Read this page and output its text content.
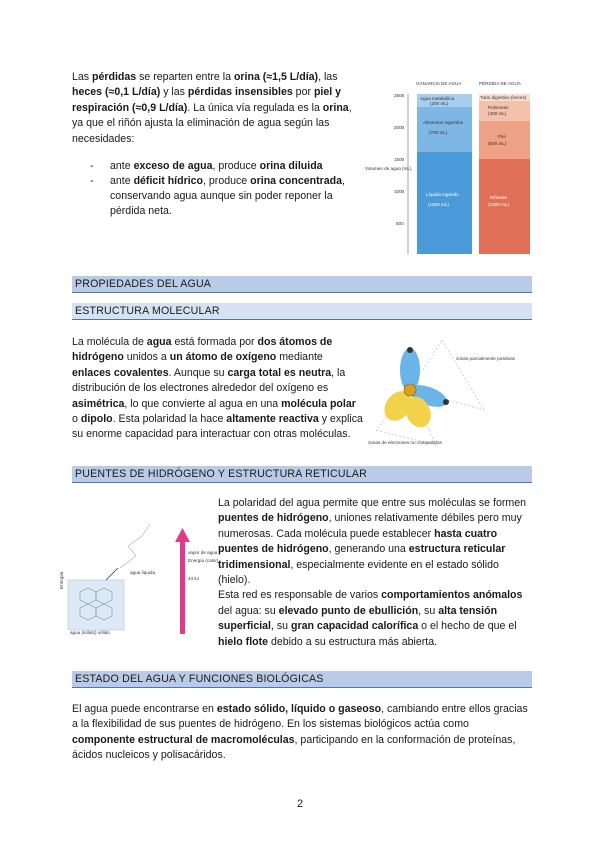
Las pérdidas se reparten entre la orina (≈1,5 L/día), las heces (≈0,1 L/día) y las pérdidas insensibles por piel y respiración (≈0,9 L/día). La única vía regulada es la orina, ya que el riñón ajusta la eliminación de agua según las necesidades:
- ante exceso de agua, produce orina diluida
- ante déficit hídrico, produce orina concentrada, conservando agua aunque sin poder reponer la pérdida neta.
GANANCIA DE AGUA	PÉRDIDA DE AGUA
2500
2000
1500
1000
500
Volumen de agua (mL)
Agua metabólica
(200 mL)
Alimentos ingeridos
(700 mL)
Líquido ingerido
(1600 mL)
Tubo digestivo (heces)
Pulmones
(300 mL)
Piel
(600 mL)
Riñones
(1500 mL)
PROPIEDADES DEL AGUA
ESTRUCTURA MOLECULAR
La molécula de agua está formada por dos átomos de hidrógeno unidos a un átomo de oxígeno mediante enlaces covalentes. Aunque su carga total es neutra, la distribución de los electrones alrededor del oxígeno es asimétrica, lo que convierte al agua en una molécula polar o dipolo. Esta polaridad la hace altamente reactiva y explica su enorme capacidad para interactuar con otras moléculas.
zonas parcialmente positivas
zonas de electrones no compartidos
PUENTES DE HIDRÓGENO Y ESTRUCTURA RETICULAR
Entropía
agua (sólido) sólido
agua líquida
vapor de agua
Energía (calor)
44 kJ
La polaridad del agua permite que entre sus moléculas se formen puentes de hidrógeno, uniones relativamente débiles pero muy numerosas. Cada molécula puede establecer hasta cuatro puentes de hidrógeno, generando una estructura reticular tridimensional, especialmente evidente en el estado sólido (hielo).
Esta red es responsable de varios comportamientos anómalos del agua: su elevado punto de ebullición, su alta tensión superficial, su gran capacidad calorífica o el hecho de que el hielo flote debido a su estructura más abierta.
ESTADO DEL AGUA Y FUNCIONES BIOLÓGICAS
El agua puede encontrarse en estado sólido, líquido o gaseoso, cambiando entre ellos gracias a la flexibilidad de sus puentes de hidrógeno. En los sistemas biológicos actúa como componente estructural de macromoléculas, participando en la conformación de proteínas, ácidos nucleicos y polisacáridos.
2
